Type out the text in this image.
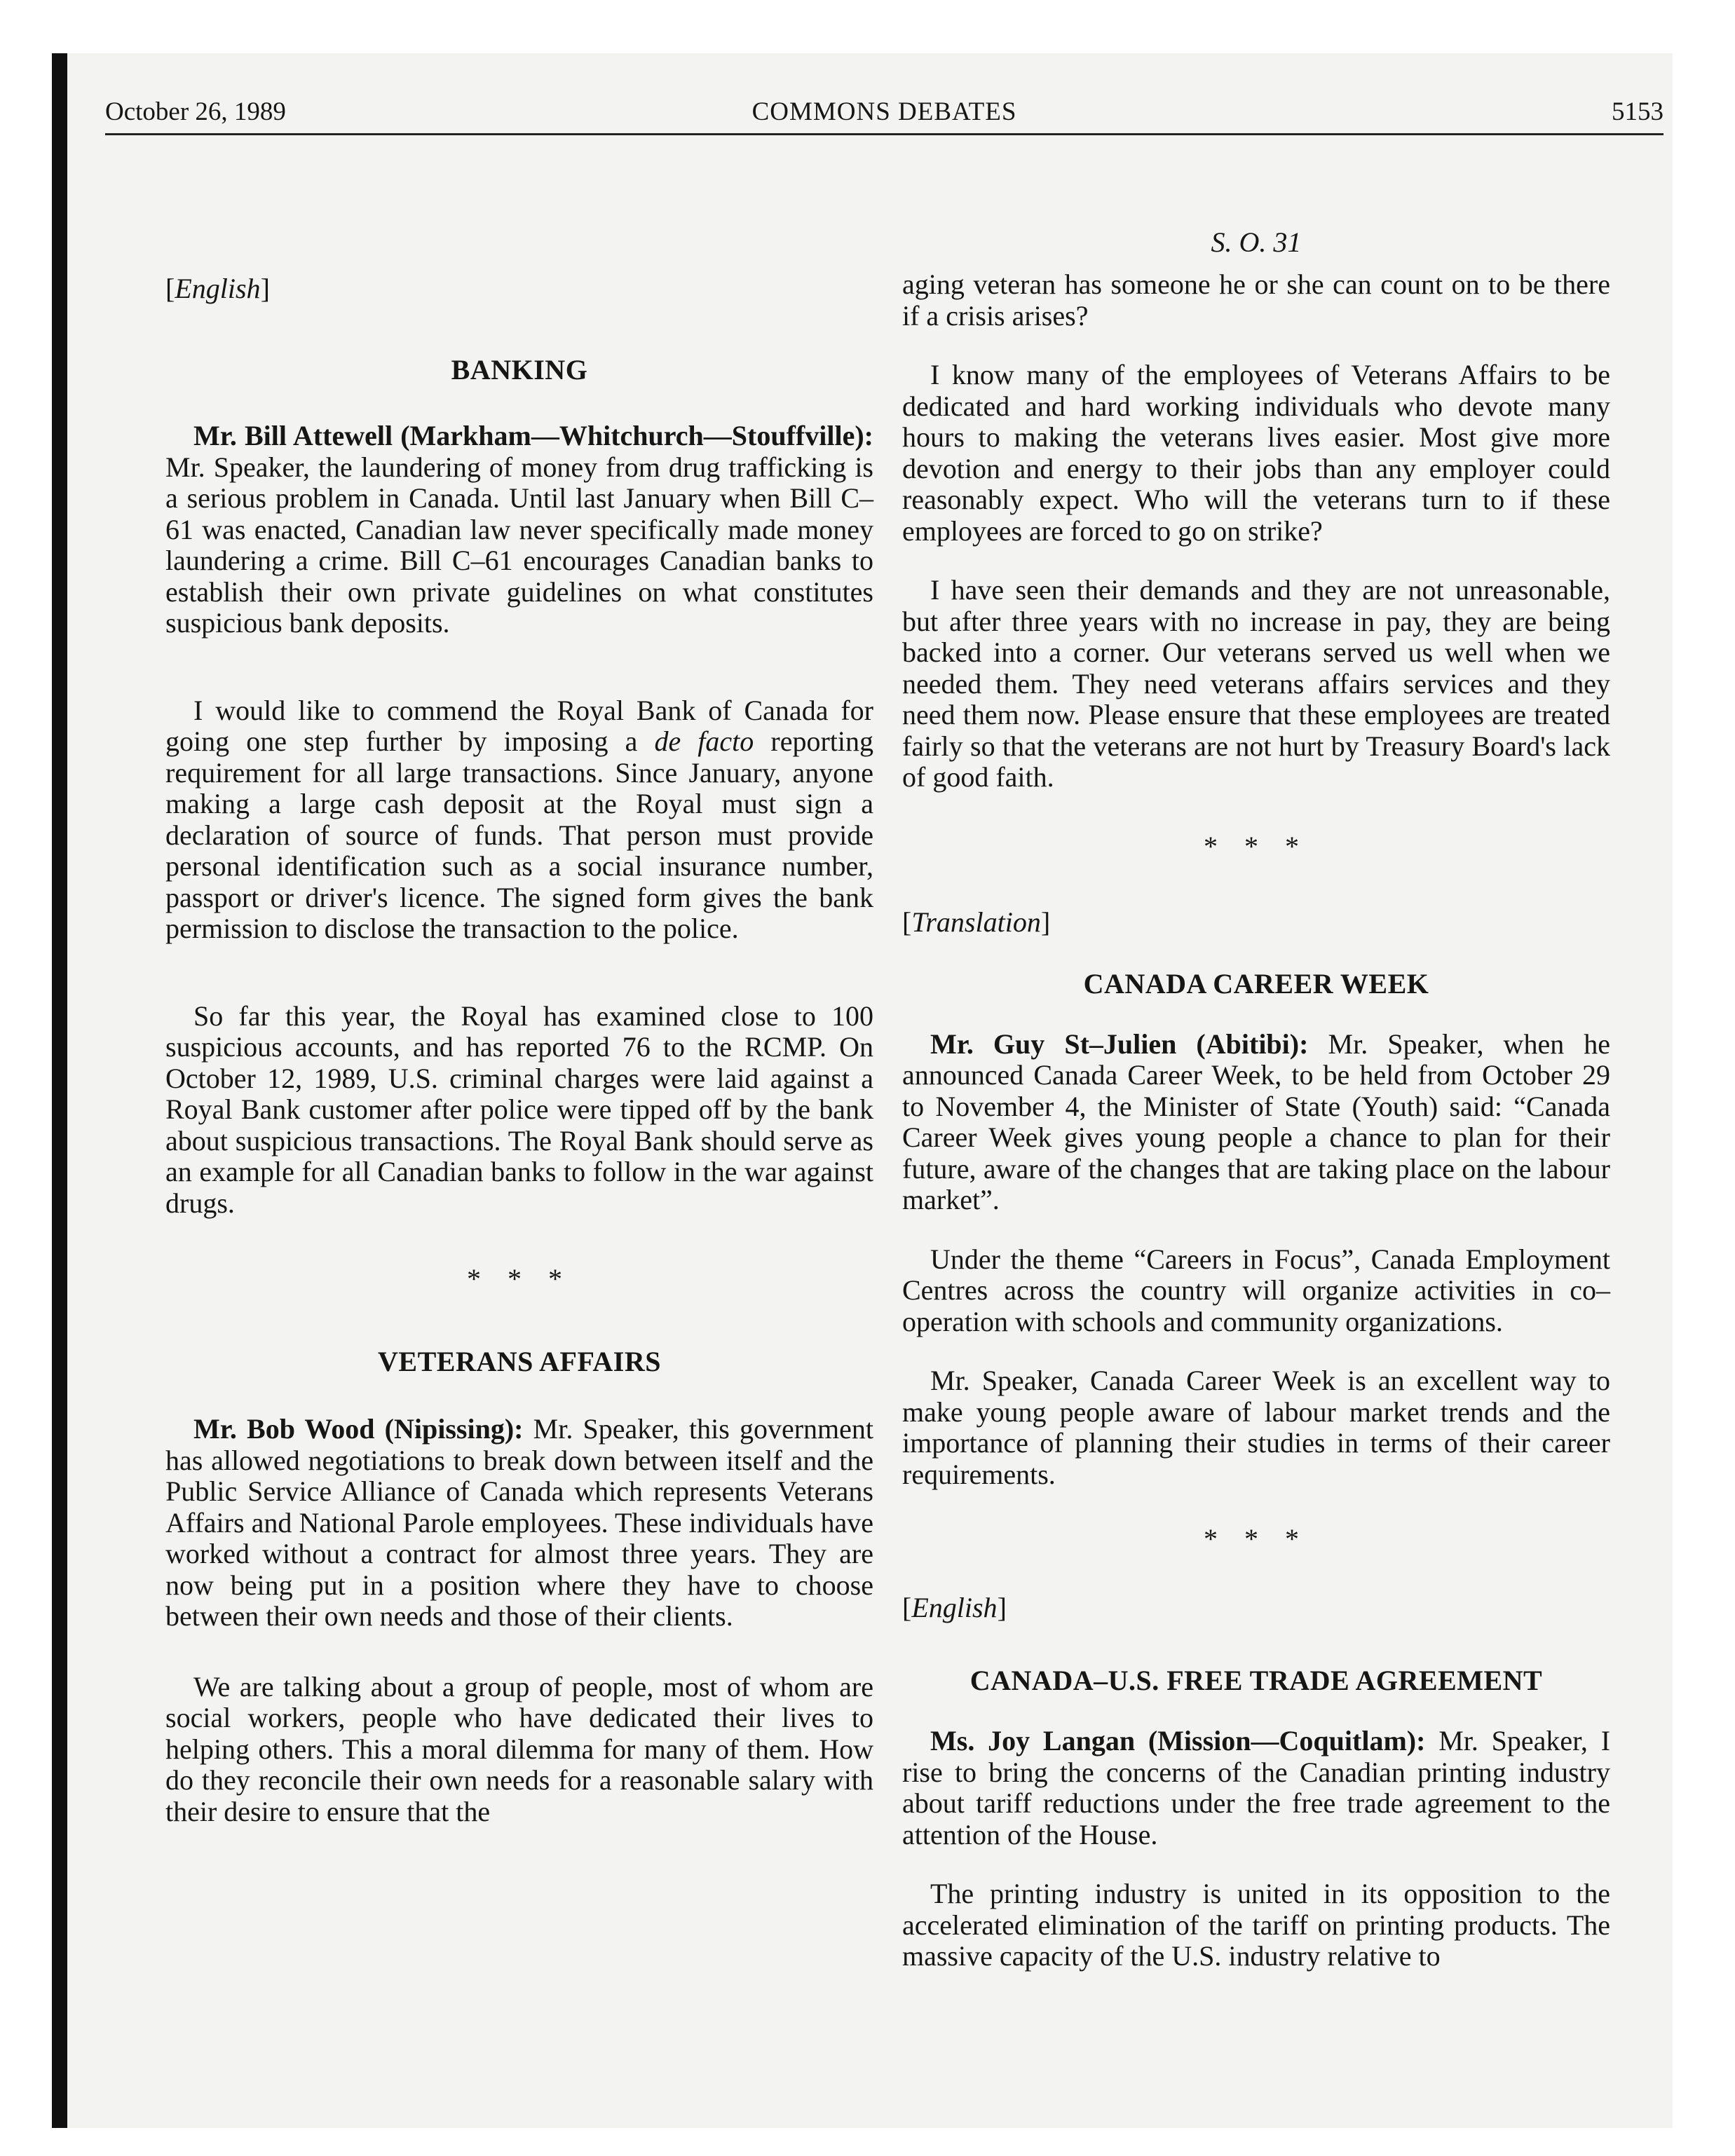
October 26, 1989	COMMONS DEBATES	5153
[English]
BANKING

Mr. Bill Attewell (Markham—Whitchurch—Stouffville): Mr. Speaker, the laundering of money from drug trafficking is a serious problem in Canada. Until last January when Bill C–61 was enacted, Canadian law never specifically made money laundering a crime. Bill C–61 encourages Canadian banks to establish their own private guidelines on what constitutes suspicious bank deposits.

I would like to commend the Royal Bank of Canada for going one step further by imposing a de facto reporting requirement for all large transactions. Since January, anyone making a large cash deposit at the Royal must sign a declaration of source of funds. That person must provide personal identification such as a social insurance number, passport or driver's licence. The signed form gives the bank permission to disclose the transaction to the police.

So far this year, the Royal has examined close to 100 suspicious accounts, and has reported 76 to the RCMP. On October 12, 1989, U.S. criminal charges were laid against a Royal Bank customer after police were tipped off by the bank about suspicious transactions. The Royal Bank should serve as an example for all Canadian banks to follow in the war against drugs.

* * *
VETERANS AFFAIRS

Mr. Bob Wood (Nipissing): Mr. Speaker, this government has allowed negotiations to break down between itself and the Public Service Alliance of Canada which represents Veterans Affairs and National Parole employees. These individuals have worked without a contract for almost three years. They are now being put in a position where they have to choose between their own needs and those of their clients.

We are talking about a group of people, most of whom are social workers, people who have dedicated their lives to helping others. This a moral dilemma for many of them. How do they reconcile their own needs for a reasonable salary with their desire to ensure that the

S. O. 31

aging veteran has someone he or she can count on to be there if a crisis arises?

I know many of the employees of Veterans Affairs to be dedicated and hard working individuals who devote many hours to making the veterans lives easier. Most give more devotion and energy to their jobs than any employer could reasonably expect. Who will the veterans turn to if these employees are forced to go on strike?

I have seen their demands and they are not unreasonable, but after three years with no increase in pay, they are being backed into a corner. Our veterans served us well when we needed them. They need veterans affairs services and they need them now. Please ensure that these employees are treated fairly so that the veterans are not hurt by Treasury Board's lack of good faith.

* * *
[Translation]
CANADA CAREER WEEK

Mr. Guy St–Julien (Abitibi): Mr. Speaker, when he announced Canada Career Week, to be held from October 29 to November 4, the Minister of State (Youth) said: “Canada Career Week gives young people a chance to plan for their future, aware of the changes that are taking place on the labour market”.

Under the theme “Careers in Focus”, Canada Employment Centres across the country will organize activities in co–operation with schools and community organizations.

Mr. Speaker, Canada Career Week is an excellent way to make young people aware of labour market trends and the importance of planning their studies in terms of their career requirements.

* * *
[English]
CANADA–U.S. FREE TRADE AGREEMENT

Ms. Joy Langan (Mission—Coquitlam): Mr. Speaker, I rise to bring the concerns of the Canadian printing industry about tariff reductions under the free trade agreement to the attention of the House.

The printing industry is united in its opposition to the accelerated elimination of the tariff on printing products. The massive capacity of the U.S. industry relative to
